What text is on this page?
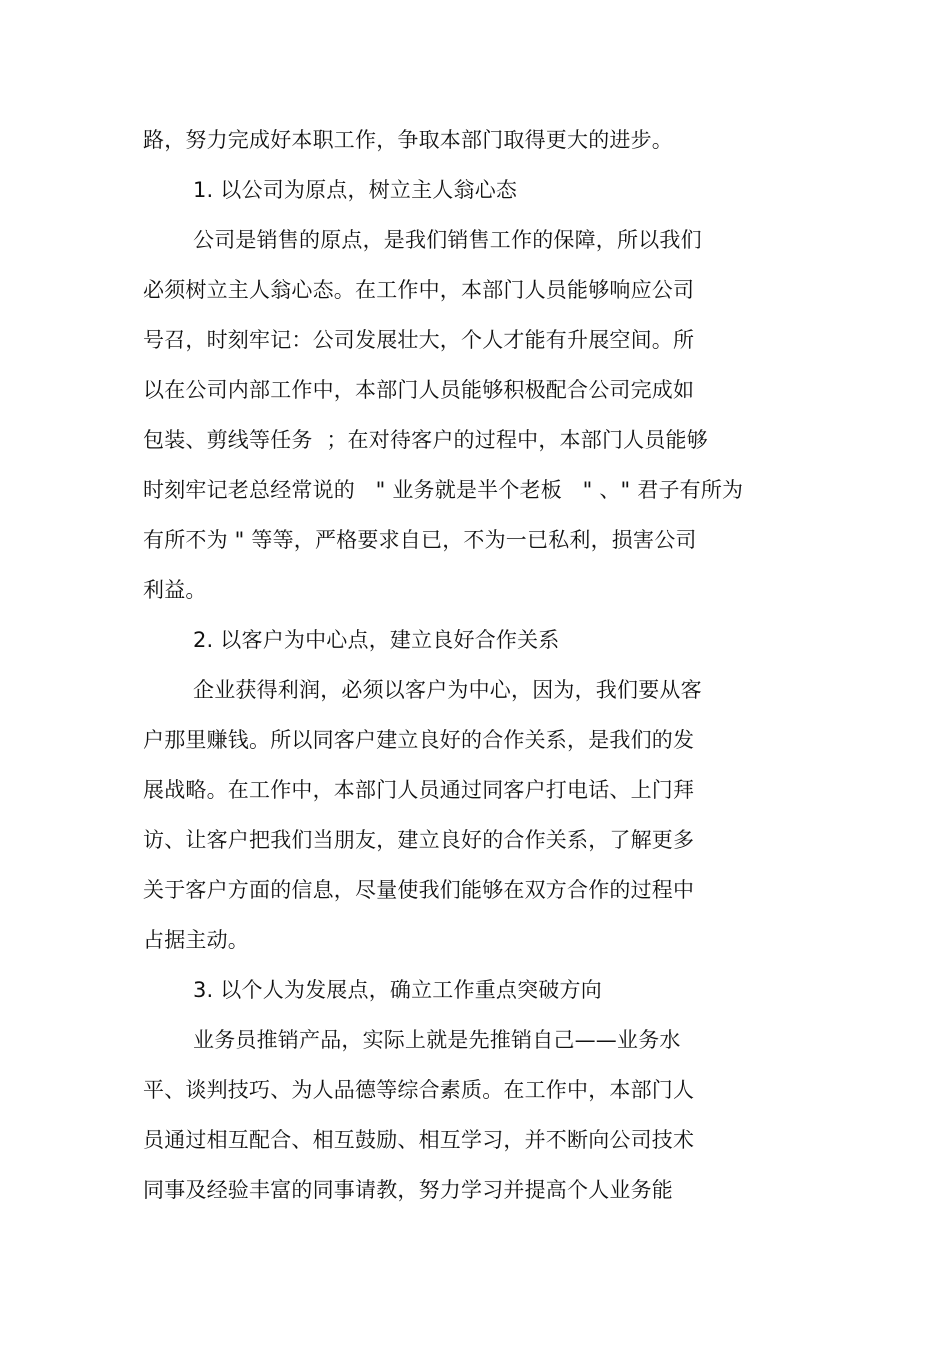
路，努力完成好本职工作，争取本部门取得更大的进步。
1. 以公司为原点，树立主人翁心态
公司是销售的原点，是我们销售工作的保障，所以我们
必须树立主人翁心态。在工作中，本部门人员能够响应公司
号召，时刻牢记：公司发展壮大，个人才能有升展空间。所
以在公司内部工作中，本部门人员能够积极配合公司完成如
包装、剪线等任务  ；在对待客户的过程中，本部门人员能够
时刻牢记老总经常说的   " 业务就是半个老板   " 、" 君子有所为
有所不为 " 等等，严格要求自已，不为一已私利，损害公司
利益。
2. 以客户为中心点，建立良好合作关系
企业获得利润，必须以客户为中心，因为，我们要从客
户那里赚钱。所以同客户建立良好的合作关系，是我们的发
展战略。在工作中，本部门人员通过同客户打电话、上门拜
访、让客户把我们当朋友，建立良好的合作关系，了解更多
关于客户方面的信息，尽量使我们能够在双方合作的过程中
占据主动。
3. 以个人为发展点，确立工作重点突破方向
业务员推销产品，实际上就是先推销自己——业务水
平、谈判技巧、为人品德等综合素质。在工作中，本部门人
员通过相互配合、相互鼓励、相互学习，并不断向公司技术
同事及经验丰富的同事请教，努力学习并提高个人业务能
